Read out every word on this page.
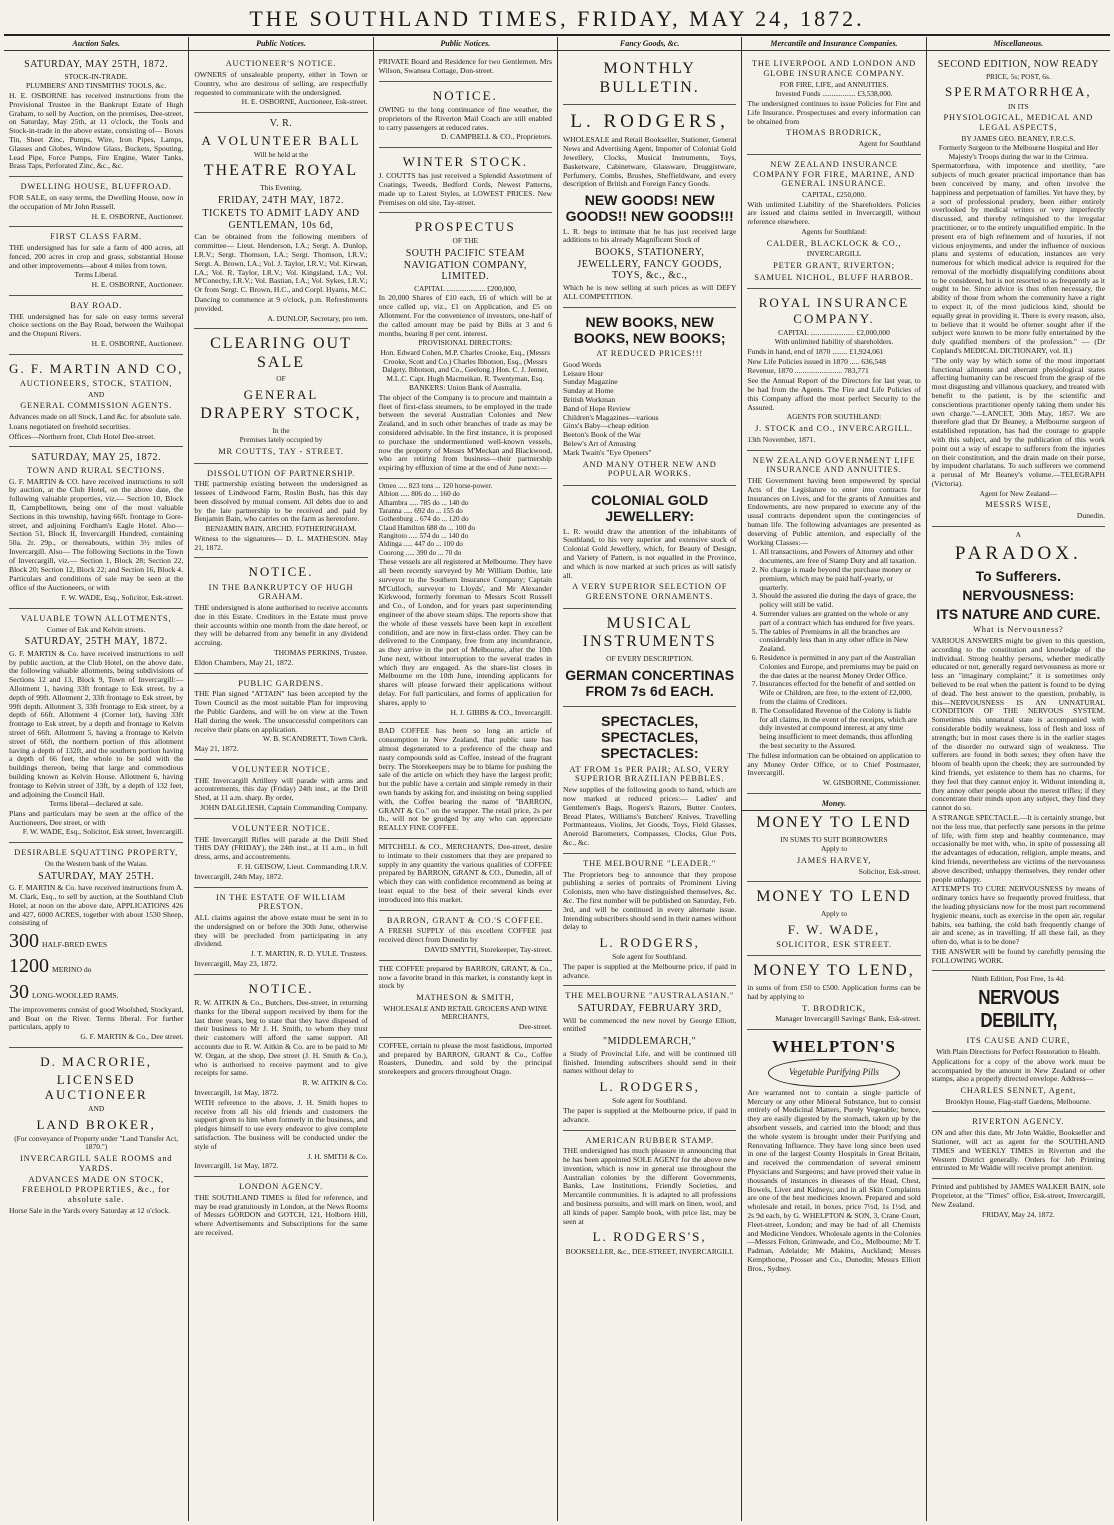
THE SOUTHLAND TIMES, FRIDAY, MAY 24, 1872.
Auction Sales.
SATURDAY, MAY 25TH, 1872.
STOCK-IN-TRADE.
PLUMBERS' AND TINSMITHS' TOOLS, &c.

H. E. OSBORNE has received instructions from the Provisional Trustee in the Bankrupt Estate of Hugh Graham, to sell by Auction, on the premises, Dee-street, on Saturday, May 25th, at 11 o'clock, the Tools and Stock-in-trade in the above estate, consisting of— Boxes Tin, Sheet Zinc, Pumps, Wire, Iron Pipes, Lamps, Glasses and Globes, Window Glass, Buckets, Spouting, Lead Pipe, Force Pumps, Fire Engine, Water Tanks, Brass Taps, Perforated Zinc, &c., &c.

DWELLING HOUSE, BLUFFROAD.

FOR SALE, on easy terms, the Dwelling House, now in the occupation of Mr John Russell.

H. E. OSBORNE, Auctioneer.
FIRST CLASS FARM.

THE undersigned has for sale a farm of 400 acres, all fenced, 200 acres in crop and grass, substantial House and other improvements—about 4 miles from town.

Terms Liberal.
H. E. OSBORNE, Auctioneer.
BAY ROAD.

THE undersigned has for sale on easy terms several choice sections on the Bay Road, between the Waihopai and the Otepuni Rivers.

H. E. OSBORNE, Auctioneer.
G. F. MARTIN AND CO,
AUCTIONEERS, STOCK, STATION,
AND
GENERAL COMMISSION AGENTS.

Advances made on all Stock, Land &c. for absolute sale.

Loans negotiated on freehold securities.

Offices—Northern front, Club Hotel Dee-street.

SATURDAY, MAY 25, 1872.
TOWN AND RURAL SECTIONS.

G. F. MARTIN & CO. have received instructions to sell by auction, at the Club Hotel, on the above date, the following valuable properties, viz.— Section 10, Block II, Campbelltown, being one of the most valuable Sections in this township, having 66ft. frontage to Gore-street, and adjoining Fordham's Eagle Hotel. Also— Section 51, Block II, Invercargill Hundred, containing 50a. 2r. 29p., or thereabouts, within 3½ miles of Invercargill. Also— The following Sections in the Town of Invercargill, viz.— Section 1, Block 28; Section 22, Block 20; Section 12, Block 22; and Section 16, Block 4.

Particulars and conditions of sale may be seen at the office of the Auctioneers, or with

F. W. WADE, Esq., Solicitor, Esk-street.
VALUABLE TOWN ALLOTMENTS,
Corner of Esk and Kelvin streets.
SATURDAY, 25TH MAY, 1872.

G. F. MARTIN & Co. have received instructions to sell by public auction, at the Club Hotel, on the above date, the following valuable allotments, being subdivisions of Sections 12 and 13, Block 9, Town of Invercargill:— Allotment 1, having 33ft frontage to Esk street, by a depth of 99ft. Allotment 2, 33ft frontage to Esk street, by 99ft depth. Allotment 3, 33ft frontage to Esk street, by a depth of 66ft. Allotment 4 (Corner lot), having 33ft frontage to Esk street, by a depth and frontage to Kelvin street of 66ft. Allotment 5, having a frontage to Kelvin street of 66ft, the northern portion of this allotment having a depth of 132ft, and the southern portion having a depth of 66 feet, the whole to be sold with the buildings thereon, being that large and commodious building known as Kelvin House. Allotment 6, having frontage to Kelvin street of 33ft, by a depth of 132 feet, and adjoining the Council Hall.

Terms liberal—declared at sale.

Plans and particulars may be seen at the office of the Auctioneers, Dee street, or with

F. W. WADE, Esq., Solicitor, Esk street, Invercargill.
DESIRABLE SQUATTING PROPERTY,
On the Western bank of the Waiau.
SATURDAY, MAY 25TH.

G. F. MARTIN & Co. have received instructions from A. M. Clark, Esq., to sell by auction, at the Southland Club Hotel, at noon on the above date, APPLICATIONS 426 and 427, 6000 ACRES, together with about 1530 Sheep, consisting of

300 HALF-BRED EWES
1200 MERINO do
30 LONG-WOOLLED RAMS.

The improvements consist of good Woolshed, Stockyard, and Boat on the River. Terms liberal. For further particulars, apply to

G. F. MARTIN & Co., Dee street.
D. MACRORIE,
LICENSED AUCTIONEER
AND
LAND BROKER,
(For conveyance of Property under "Land Transfer Act, 1870.")
INVERCARGILL SALE ROOMS and YARDS.
ADVANCES MADE ON STOCK, FREEHOLD PROPERTIES, &c., for absolute sale.

Horse Sale in the Yards every Saturday at 12 o'clock.

Public Notices.
AUCTIONEER'S NOTICE.

OWNERS of unsaleable property, either in Town or Country, who are desirous of selling, are respectfully requested to communicate with the undersigned.

H. E. OSBORNE, Auctioneer, Esk-street.
V. R.
A VOLUNTEER BALL
Will be held at the
THEATRE ROYAL
This Evening,
FRIDAY, 24TH MAY, 1872.
TICKETS TO ADMIT LADY AND GENTLEMAN, 10s 6d,

Can be obtained from the following members of committee— Lieut. Henderson, I.A.; Sergt. A. Dunlop, I.R.V.; Sergt. Thomson, I.A.; Sergt. Thomson, I.R.V.; Sergt. A. Brown, I.A.; Vol. J. Taylor, I.R.V.; Vol. Kirwan, I.A.; Vol. R. Taylor, I.R.V.; Vol. Kingsland, I.A.; Vol. M'Conechy, I.R.V.; Vol. Bastian, I.A.; Vol. Sykes, I.R.V.; Or from Sergt. C. Brown, H.C., and Corpl. Hyams, M.C.

Dancing to commence at 9 o'clock, p.m. Refreshments provided.

A. DUNLOP, Secretary, pro tem.
CLEARING OUT SALE
OF
GENERAL
DRAPERY STOCK,
In the
Premises lately occupied by
MR COUTTS, TAY - STREET.
DISSOLUTION OF PARTNERSHIP.

THE partnership existing between the undersigned as lessees of Lindwood Farm, Roslin Bush, has this day been dissolved by mutual consent. All debts due to and by the late partnership to be received and paid by Benjamin Bain, who carries on the farm as heretofore.

BENJAMIN BAIN, ARCHD. FOTHERINGHAM.

Witness to the signatures— D. L. MATHESON. May 21, 1872.

NOTICE.
IN THE BANKRUPTCY OF HUGH GRAHAM.

THE undersigned is alone authorised to receive accounts due in this Estate. Creditors in the Estate must prove their accounts within one month from the date hereof, or they will be debarred from any benefit in any dividend accruing.

THOMAS PERKINS, Trustee.

Eldon Chambers, May 21, 1872.

PUBLIC GARDENS.

THE Plan signed "ATTAIN" has been accepted by the Town Council as the most suitable Plan for improving the Public Gardens, and will be on view at the Town Hall during the week. The unsuccessful competitors can receive their plans on application.

W. B. SCANDRETT, Town Clerk.

May 21, 1872.

VOLUNTEER NOTICE.

THE Invercargill Artillery will parade with arms and accoutrements, this day (Friday) 24th inst., at the Drill Shed, at 11 a.m. sharp. By order,

JOHN DALGLIESH, Captain Commanding Company.
VOLUNTEER NOTICE.

THE Invercargill Rifles will parade at the Drill Shed THIS DAY (FRIDAY), the 24th inst., at 11 a.m., in full dress, arms, and accoutrements.

F. H. GEISOW, Lieut. Commanding I.R.V.

Invercargill, 24th May, 1872.

IN THE ESTATE OF WILLIAM PRESTON.

ALL claims against the above estate must be sent in to the undersigned on or before the 30th June, otherwise they will be precluded from participating in any dividend.

J. T. MARTIN, R. D. YULE. Trustees.

Invercargill, May 23, 1872.

NOTICE.

R. W. AITKIN & Co., Butchers, Dee-street, in returning thanks for the liberal support received by them for the last three years, beg to state that they have disposed of their business to Mr J. H. Smith, to whom they trust their customers will afford the same support. All accounts due to R. W. Aitkin & Co. are to be paid to Mr W. Organ, at the shop, Dee street (J. H. Smith & Co.), who is authorised to receive payment and to give receipts for same.

R. W. AITKIN & Co.

Invercargill, 1st May, 1872.

WITH reference to the above, J. H. Smith hopes to receive from all his old friends and customers the support given to him when formerly in the business, and pledges himself to use every endeavor to give complete satisfaction. The business will be conducted under the style of

J. H. SMITH & Co.

Invercargill, 1st May, 1872.

LONDON AGENCY.

THE SOUTHLAND TIMES is filed for reference, and may be read gratuitously in London, at the News Rooms of Messrs GORDON and GOTCH, 121, Holborn Hill, where Advertisements and Subscriptions for the same are received.

Public Notices.

PRIVATE Board and Residence for two Gentlemen. Mrs Wilson, Swansea Cottage, Don-street.

NOTICE.

OWING to the long continuance of fine weather, the proprietors of the Riverton Mail Coach are still enabled to carry passengers at reduced rates.

D. CAMPBELL & CO., Proprietors.
WINTER STOCK.

J. COUTTS has just received a Splendid Assortment of Coatings, Tweeds, Bedford Cords, Newest Patterns, made up to Latest Styles, at LOWEST PRICES. New Premises on old site, Tay-street.

PROSPECTUS
OF THE
SOUTH PACIFIC STEAM NAVIGATION COMPANY, LIMITED.
CAPITAL ..................... £200,000,

In 20,000 Shares of £10 each, £6 of which will be at once called up, viz., £1 on Application, and £5 on Allotment. For the convenience of investors, one-half of the called amount may be paid by Bills at 3 and 6 months, bearing 8 per cent. interest.

PROVISIONAL DIRECTORS:
Hon. Edward Cohen, M.P. Charles Crooke, Esq., (Messrs Crooke, Scott and Co.) Charles Ibbotson, Esq., (Messrs Dalgety, Ibbotson, and Co., Geelong.) Hon. C. J. Jenner, M.L.C. Capt. Hugh Macmeikan. R. Twentyman, Esq.
BANKERS: Union Bank of Australia.

The object of the Company is to procure and maintain a fleet of first-class steamers, to be employed in the trade between the several Australian Colonies and New Zealand, and in such other branches of trade as may be considered advisable. In the first instance, it is proposed to purchase the undermentioned well-known vessels, now the property of Messrs M'Meckan and Blackwood, who are retiring from business—their partnership expiring by effluxion of time at the end of June next:—

Omeo ..... 823 tons ... 120 horse-power.
Albion ..... 806 do ... 160 do
Alhambra ..... 785 do ... 140 do
Taranna ..... 692 do ... 155 do
Gothenburg .. 674 do ... 120 do
Claud Hamilton 688 do ... 100 do
Rangitoto ..... 574 do ... 140 do
Aldinga ..... 447 do ... 100 do
Coorong ..... 390 do ... 70 do

These vessels are all registered at Melbourne. They have all been recently surveyed by Mr William Dothie, late surveyor to the Southern Insurance Company; Captain M'Culloch, surveyor to Lloyds', and Mr Alexander Kirkwood, formerly foreman to Messrs Scott Russell and Co., of London, and for years past superintending engineer of the above steam ships. The reports show that the whole of these vessels have been kept in excellent condition, and are now in first-class order. They can be delivered to the Company, free from any incumbrance, as they arrive in the port of Melbourne, after the 10th June next, without interruption to the several trades in which they are engaged. As the share-list closes in Melbourne on the 10th June, intending applicants for shares will please forward their applications without delay. For full particulars, and forms of application for shares, apply to

H. J. GIBBS & CO., Invercargill.

BAD COFFEE has been so long an article of consumption in New Zealand, that public taste has almost degenerated to a preference of the cheap and nasty compounds sold as Coffee, instead of the fragrant berry. The Storekeepers may be to blame for pushing the sale of the article on which they have the largest profit; but the public have a certain and simple remedy in their own hands by asking for, and insisting on being supplied with, the Coffee bearing the name of "BARRON, GRANT & Co." on the wrapper. The retail price, 2s per lb., will not be grudged by any who can appreciate REALLY FINE COFFEE.

MITCHELL & CO., MERCHANTS, Dee-street, desire to intimate to their customers that they are prepared to supply in any quantity the various qualities of COFFEE prepared by BARRON, GRANT & CO., Dunedin, all of which they can with confidence recommend as being at least equal to the best of their several kinds ever introduced into this market.

BARRON, GRANT & CO.'S COFFEE.

A FRESH SUPPLY of this excellent COFFEE just received direct from Dunedin by

DAVID SMYTH, Storekeeper, Tay-street.

THE COFFEE prepared by BARRON, GRANT, & Co., now a favorite brand in this market, is constantly kept in stock by

MATHESON & SMITH,
WHOLESALE AND RETAIL GROCERS AND WINE MERCHANTS,
Dee-street.

COFFEE, certain to please the most fastidious, imported and prepared by BARRON, GRANT & Co., Coffee Roasters, Dunedin, and sold by the principal storekeepers and grocers throughout Otago.

Fancy Goods, &c.
MONTHLY BULLETIN.
L. RODGERS,

WHOLESALE and Retail Bookseller, Stationer, General News and Advertising Agent, Importer of Colonial Gold Jewellery, Clocks, Musical Instruments, Toys, Basketware, Cabinetware, Glassware, Druggistware, Perfumery, Combs, Brushes, Sheffieldware, and every description of British and Foreign Fancy Goods.

NEW GOODS! NEW GOODS!! NEW GOODS!!!

L. R. begs to intimate that he has just received large additions to his already Magnificent Stock of

BOOKS, STATIONERY, JEWELLERY, FANCY GOODS, TOYS, &c., &c.,

Which he is now selling at such prices as will DEFY ALL COMPETITION.

NEW BOOKS, NEW BOOKS, NEW BOOKS;
AT REDUCED PRICES!!!
Good Words
Leisure Hour
Sunday Magazine
Sunday at Home
British Workman
Band of Hope Review
Children's Magazines—various
Ginx's Baby—cheap edition
Beeton's Book of the War
Belew's Art of Amusing
Mark Twain's "Eye Openers"
AND MANY OTHER NEW AND POPULAR WORKS.
COLONIAL GOLD JEWELLERY:

L. R. would draw the attention of the inhabitants of Southland, to his very superior and extensive stock of Colonial Gold Jewellery, which, for Beauty of Design, and Variety of Pattern, is not equalled in the Province, and which is now marked at such prices as will satisfy all.

A VERY SUPERIOR SELECTION OF GREENSTONE ORNAMENTS.
MUSICAL INSTRUMENTS
OF EVERY DESCRIPTION.
GERMAN CONCERTINAS FROM 7s 6d EACH.
SPECTACLES, SPECTACLES, SPECTACLES:
AT FROM 1s PER PAIR; ALSO, VERY SUPERIOR BRAZILIAN PEBBLES.

New supplies of the following goods to hand, which are now marked at reduced prices:— Ladies' and Gentlemen's Bags, Rogers's Razors, Butter Coolers, Bread Plates, Williams's Butchers' Knives, Travelling Portmanteaus, Violins, Jet Goods, Toys, Field Glasses, Aneroid Barometers, Compasses, Clocks, Glue Pots, &c., &c.

THE MELBOURNE "LEADER."

The Proprietors beg to announce that they propose publishing a series of portraits of Prominent Living Colonists, men who have distinguished themselves, &c. &c. The first number will be published on Saturday, Feb. 3rd, and will be continued in every alternate issue. Intending subscribers should send in their names without delay to

L. RODGERS,
Sole agent for Southland.

The paper is supplied at the Melbourne price, if paid in advance.

THE MELBOURNE "AUSTRALASIAN."
SATURDAY, FEBRUARY 3RD,

Will be commenced the new novel by George Elliott, entitled

"MIDDLEMARCH,"

a Study of Provincial Life, and will be continued till finished. Intending subscribers should send in their names without delay to

L. RODGERS,
Sole agent for Southland.

The paper is supplied at the Melbourne price, if paid in advance.

AMERICAN RUBBER STAMP.

THE undersigned has much pleasure in announcing that he has been appointed SOLE AGENT for the above new invention, which is now in general use throughout the Australian colonies by the different Governments, Banks, Law Institutions, Friendly Societies, and Mercantile communities. It is adapted to all professions and business pursuits, and will mark on linen, wool, and all kinds of paper. Sample book, with price list, may be seen at

L. RODGERS'S,
BOOKSELLER, &c., DEE-STREET, INVERCARGILL
Mercantile and Insurance Companies.
THE LIVERPOOL AND LONDON AND GLOBE INSURANCE COMPANY.
FOR FIRE, LIFE, and ANNUITIES.
Invested Funds .................. £3,538,000.

The undersigned continues to issue Policies for Fire and Life Insurance. Prospectuses and every information can be obtained from

THOMAS BRODRICK,
Agent for Southland
NEW ZEALAND INSURANCE COMPANY FOR FIRE, MARINE, AND GENERAL INSURANCE.
CAPITAL, £250,000.

With unlimited Liability of the Shareholders. Policies are issued and claims settled in Invercargill, without reference elsewhere.

Agents for Southland:
CALDER, BLACKLOCK & CO.,
INVERCARGILL
PETER GRANT, RIVERTON;
SAMUEL NICHOL, BLUFF HARBOR.
ROYAL INSURANCE COMPANY.
CAPITAL ........................ £2,000,000
With unlimited liability of shareholders.

Funds in hand, end of 1870 ........ £1,924,061

New Life Policies issued in 1870 ..... 636,548

Revenue, 1870 ......................... 783,771

See the Annual Report of the Directors for last year, to be had from the Agents. The Fire and Life Policies of this Company afford the most perfect Security to the Assured.

AGENTS FOR SOUTHLAND:
J. STOCK and CO., INVERCARGILL.

13th November, 1871.

NEW ZEALAND GOVERNMENT LIFE INSURANCE AND ANNUITIES.

THE Government having been empowered by special Acts of the Legislature to enter into contracts for Insurances on Lives, and for the grants of Annuities and Endowments, are now prepared to execute any of the usual contracts dependent upon the contingencies of human life. The following advantages are presented as deserving of Public attention, and especially of the Working Classes:—

1. All transactions, and Powers of Attorney and other documents, are free of Stamp Duty and all taxation.
2. No charge is made beyond the purchase money or premium, which may be paid half-yearly, or quarterly.
3. Should the assured die during the days of grace, the policy will still be valid.
4. Surrender values are granted on the whole or any part of a contract which has endured for five years.
5. The tables of Premiums in all the branches are considerably less than in any other office in New Zealand.
6. Residence is permitted in any part of the Australian Colonies and Europe, and premiums may be paid on the due dates at the nearest Money Order Office.
7. Insurances effected for the benefit of and settled on Wife or Children, are free, to the extent of £2,000, from the claims of Creditors.
8. The Consolidated Revenue of the Colony is liable for all claims, in the event of the receipts, which are duly invested at compound interest, at any time being insufficient to meet demands, thus affording the best security to the Assured.

The fullest information can be obtained on application to any Money Order Office, or to Chief Postmaster, Invercargill.

W. GISBORNE, Commissioner.
Money.
MONEY TO LEND
IN SUMS TO SUIT BORROWERS
Apply to
JAMES HARVEY,
Solicitor, Esk-street.
MONEY TO LEND
Apply to
F. W. WADE,
SOLICITOR, ESK STREET.
MONEY TO LEND,

in sums of from £50 to £500. Application forms can be had by applying to

T. BRODRICK,
Manager Invercargill Savings' Bank, Esk-street.
WHELPTON'S
Vegetable Purifying Pills

Are warranted not to contain a single particle of Mercury or any other Mineral Substance, but to consist entirely of Medicinal Matters, Purely Vegetable; hence, they are easily digested by the stomach, taken up by the absorbent vessels, and carried into the blood; and thus the whole system is brought under their Purifying and Renovating Influence. They have long since been used in one of the largest County Hospitals in Great Britain, and received the commendation of several eminent Physicians and Surgeons; and have proved their value in thousands of instances in diseases of the Head, Chest, Bowels, Liver and Kidneys; and in all Skin Complaints are one of the best medicines known. Prepared and sold wholesale and retail, in boxes, price 7½d, 1s 1½d, and 2s 9d each, by G. WHELPTON & SON, 3, Crane Court, Fleet-street, London; and may be had of all Chemists and Medicine Vendors. Wholesale agents in the Colonies—Messrs Felton, Grimwade, and Co., Melbourne; Mr T. Padman, Adelaide; Mr Makins, Auckland; Messrs Kempthorne, Prosser and Co., Dunedin; Messrs Elliott Bros., Sydney.

Miscellaneous.
SECOND EDITION, NOW READY
PRICE, 5s; POST, 6s.
SPERMATORRHŒA,
IN ITS
PHYSIOLOGICAL, MEDICAL AND LEGAL ASPECTS,
BY JAMES GEO. BEANEY, F.R.C.S.
Formerly Surgeon to the Melbourne Hospital and Her Majesty's Troops during the war in the Crimea.

Spermatorrhœa, with impotence and sterility, "are subjects of much greater practical importance than has been conceived by many, and often involve the happiness and perpetuation of families. Yet have they, by a sort of professional prudery, been either entirely overlooked by medical writers or very imperfectly discussed, and thereby relinquished to the irregular practitioner, or to the entirely unqualified empiric. In the present era of high refinement and of luxuries, if not vicious enjoyments, and under the influence of noxious plans and systems of education, instances are very numerous for which medical advice is required for the removal of the morbidly disqualifying conditions about to be considered, but is not resorted to as frequently as it ought to be. Since advice is thus often necessary, the ability of those from whom the community have a right to expect it, of the most judicious kind, should be equally great in providing it. There is every reason, also, to believe that it would be oftener sought after if the subject were known to be more fully entertained by the duly qualified members of the profession." — (Dr Copland's MEDICAL DICTIONARY, vol. II.)

"The only way by which some of the most important functional ailments and aberrant physiological states affecting humanity can be rescued from the grasp of the most disgusting and villanous quackery, and treated with benefit to the patient, is by the scientific and conscientious practitioner openly taking them under his own charge."—LANCET, 30th May, 1857. We are therefore glad that Dr Beaney, a Melbourne surgeon of established reputation, has had the courage to grapple with this subject, and by the publication of this work point out a way of escape to sufferers from the injuries on their constitution, and the drain made on their purse, by impudent charlatans. To such sufferers we commend a perusal of Mr Beaney's volume.—TELEGRAPH (Victoria).

Agent for New Zealand—
MESSRS WISE,
Dunedin.
A
PARADOX.
To Sufferers.
NERVOUSNESS:
ITS NATURE AND CURE.
What is Nervousness?

VARIOUS ANSWERS might be given to this question, according to the constitution and knowledge of the individual. Strong healthy persons, whether medically educated or not, generally regard nervousness as more or less an "imaginary complaint;" it is sometimes only believed to be real when the patient is found to be dying of dead. The best answer to the question, probably, is this—NERVOUSNESS IS AN UNNATURAL CONDITION OF THE NERVOUS SYSTEM. Sometimes this unnatural state is accompanied with considerable bodily weakness, loss of flesh and loss of strength; but in most cases there is in the earlier stages of the disorder no outward sign of weakness. The sufferers are found in both sexes; they often have the bloom of health upon the cheek; they are surrounded by kind friends, yet existence to them has no charms, for they feel that they cannot enjoy it. Without intending it, they annoy other people about the merest trifles; if they concentrate their minds upon any subject, they find they cannot do so.

A STRANGE SPECTACLE.—It is certainly strange, but not the less true, that perfectly sane persons in the prime of life, with firm step and healthy countenance, may occasionally be met with, who, in spite of possessing all the advantages of education, religion, ample means, and kind friends, nevertheless are victims of the nervousness above described; unhappy themselves, they render other people unhappy.

ATTEMPTS TO CURE NERVOUSNESS by means of ordinary tonics have so frequently proved fruitless, that the leading physicians now for the most part recommend hygienic means, such as exercise in the open air, regular habits, sea bathing, the cold bath frequently change of air and scene, as in travelling. If all these fail, as they often do, what is to be done?

THE ANSWER will be found by carefully perusing the FOLLOWING WORK.

Ninth Edition, Post Free, 1s 4d.
NERVOUS DEBILITY,
ITS CAUSE AND CURE,
With Plain Directions for Perfect Restoration to Health.

Applications for a copy of the above work must be accompanied by the amount in New Zealand or other stamps, also a properly directed envelope. Address—

CHARLES SENNET, Agent,
Brooklyn House, Flag-staff Gardens, Melbourne.
RIVERTON AGENCY.

ON and after this date, Mr John Waldie, Bookseller and Stationer, will act as agent for the SOUTHLAND TIMES and WEEKLY TIMES in Riverton and the Western District generally. Orders for Job Printing entrusted to Mr Waldie will receive prompt attention.

Printed and published by JAMES WALKER BAIN, sole Proprietor, at the "Times" office, Esk-street, Invercargill, New Zealand.

FRIDAY, May 24, 1872.
